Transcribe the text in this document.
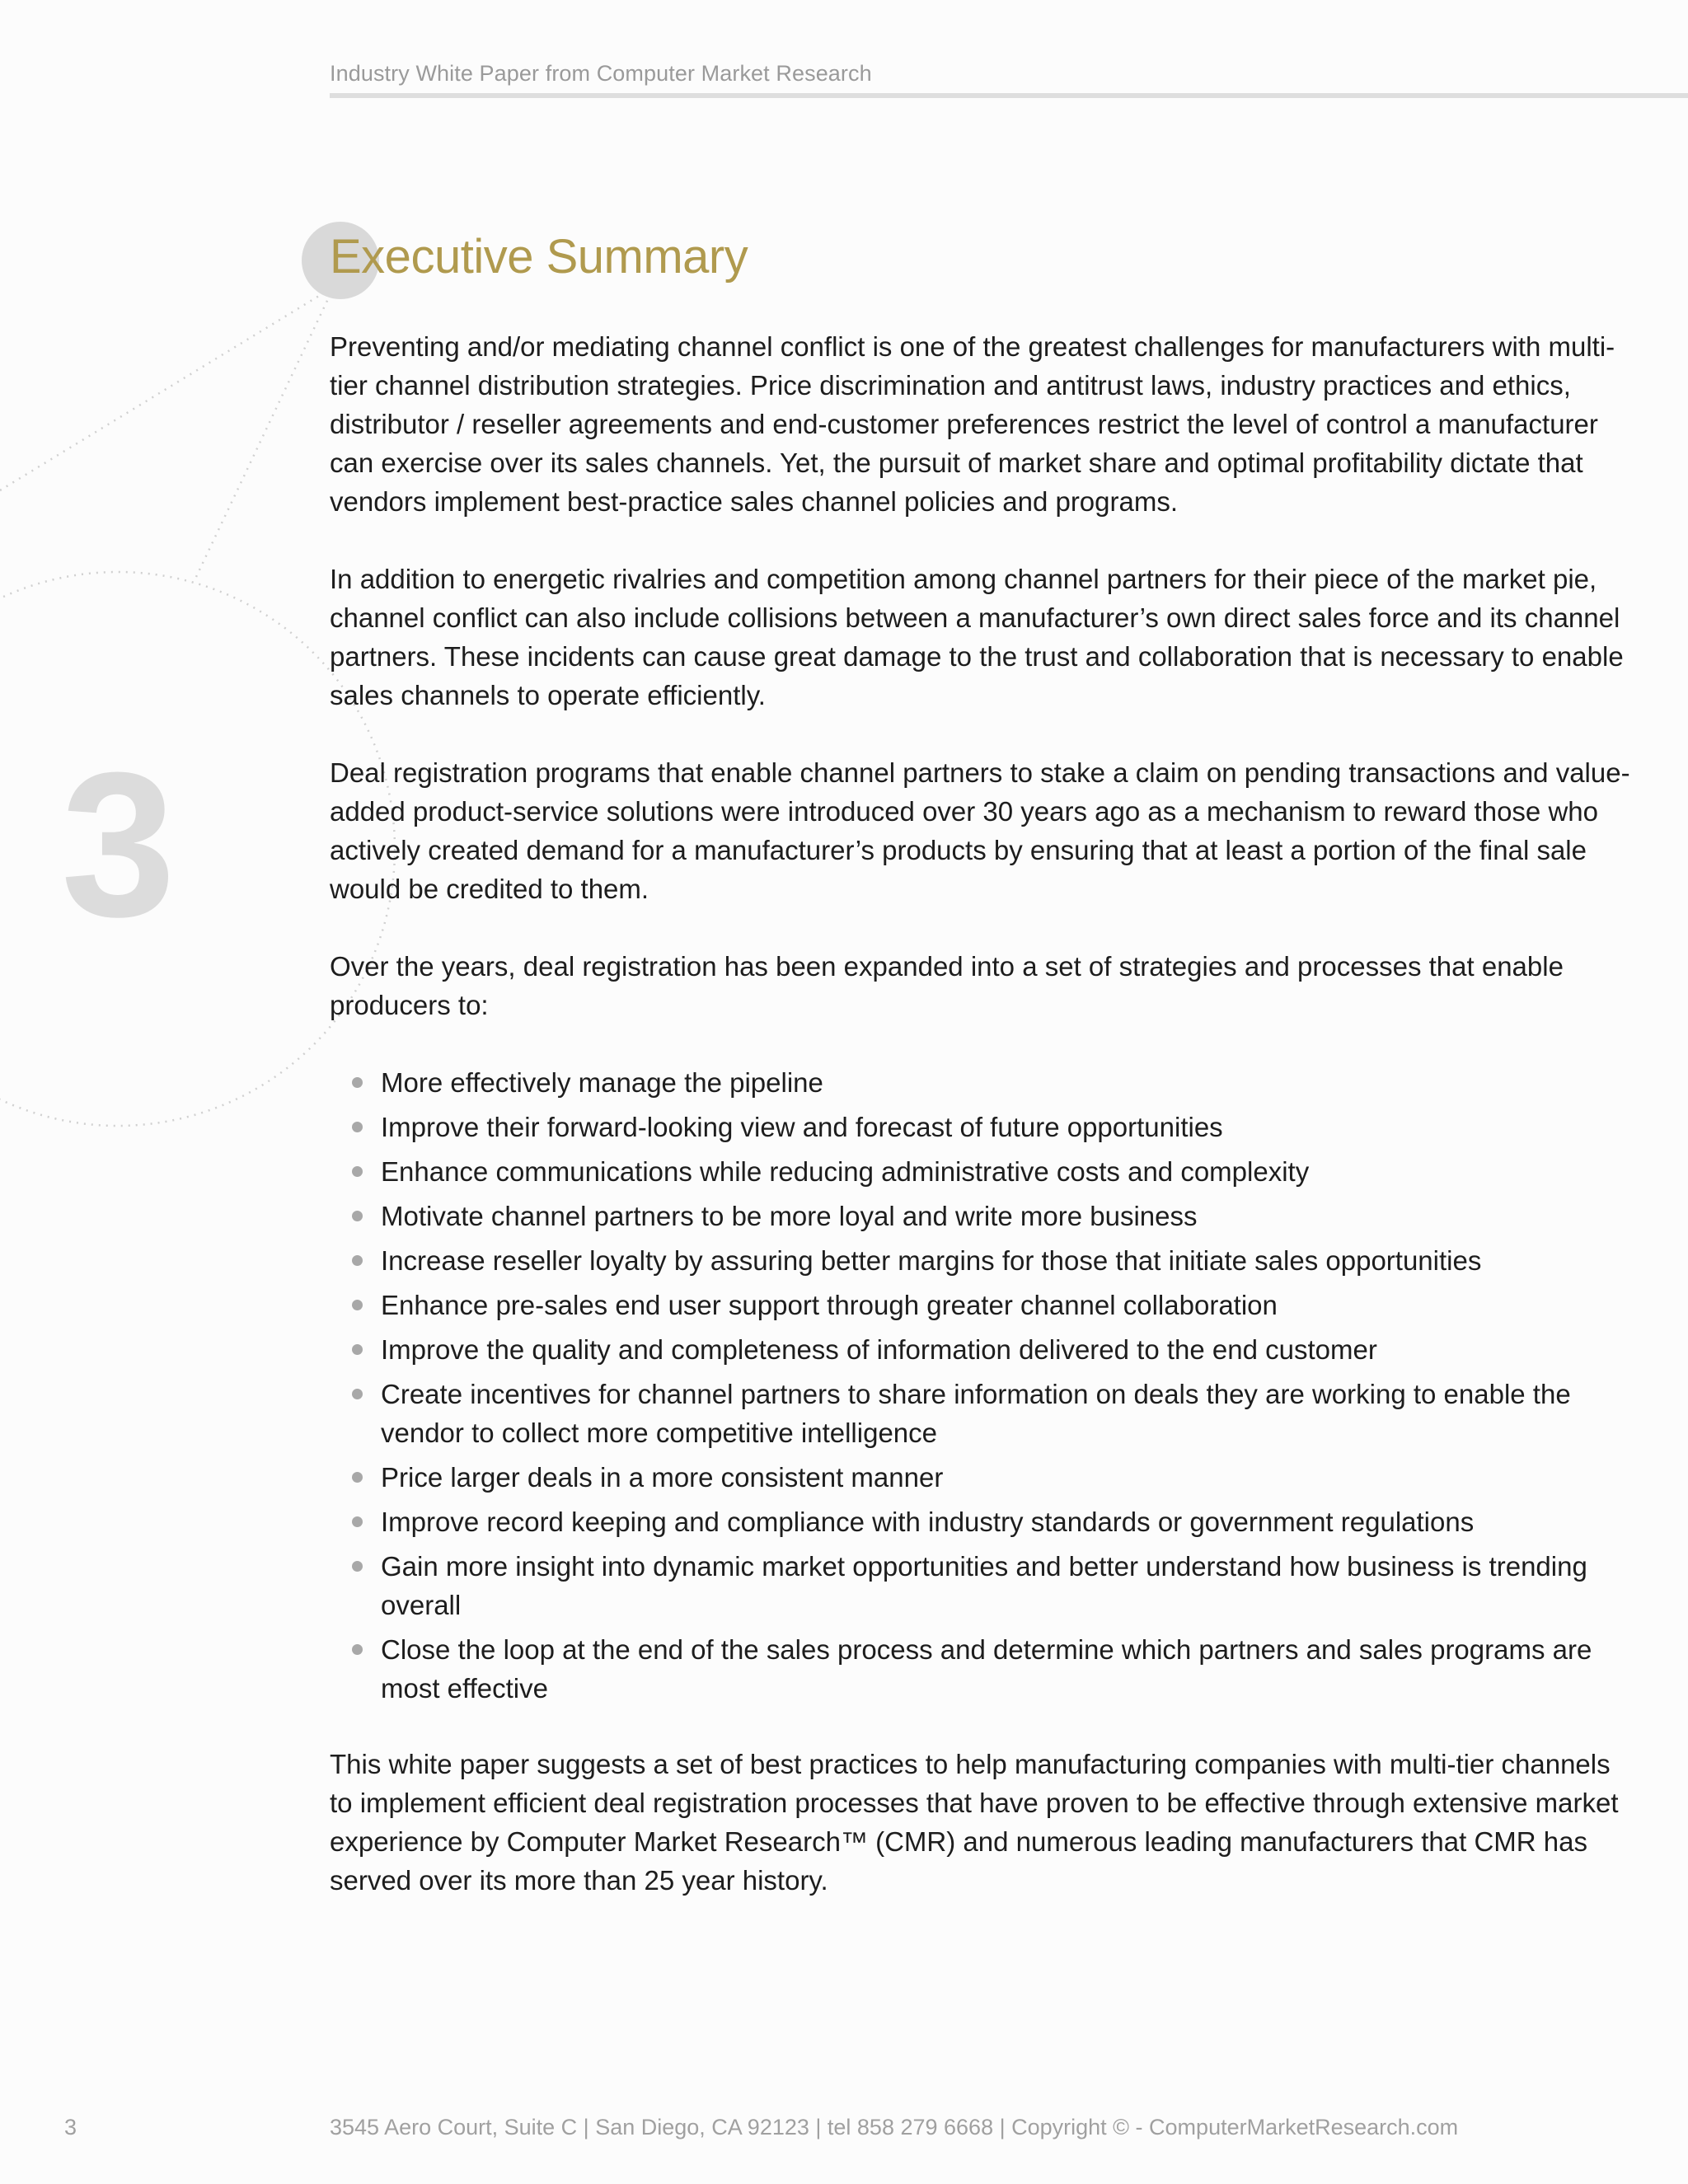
Industry White Paper from Computer Market Research
3
Executive Summary

Preventing and/or mediating channel conflict is one of the greatest challenges for manufacturers with multi-tier channel distribution strategies. Price discrimination and antitrust laws, industry practices and ethics, distributor / reseller agreements and end-customer preferences restrict the level of control a manufacturer can exercise over its sales channels. Yet, the pursuit of market share and optimal profitability dictate that vendors implement best-practice sales channel policies and programs.

In addition to energetic rivalries and competition among channel partners for their piece of the market pie, channel conflict can also include collisions between a manufacturer’s own direct sales force and its channel partners. These incidents can cause great damage to the trust and collaboration that is necessary to enable sales channels to operate efficiently.

Deal registration programs that enable channel partners to stake a claim on pending transactions and value-added product-service solutions were introduced over 30 years ago as a mechanism to reward those who actively created demand for a manufacturer’s products by ensuring that at least a portion of the final sale would be credited to them.

Over the years, deal registration has been expanded into a set of strategies and processes that enable producers to:

More effectively manage the pipeline
Improve their forward-looking view and forecast of future opportunities
Enhance communications while reducing administrative costs and complexity
Motivate channel partners to be more loyal and write more business
Increase reseller loyalty by assuring better margins for those that initiate sales opportunities
Enhance pre-sales end user support through greater channel collaboration
Improve the quality and completeness of information delivered to the end customer
Create incentives for channel partners to share information on deals they are working to enable the vendor to collect more competitive intelligence
Price larger deals in a more consistent manner
Improve record keeping and compliance with industry standards or government regulations
Gain more insight into dynamic market opportunities and better understand how business is trending overall
Close the loop at the end of the sales process and determine which partners and sales programs are most effective

This white paper suggests a set of best practices to help manufacturing companies with multi-tier channels to implement efficient deal registration processes that have proven to be effective through extensive market experience by Computer Market Research™ (CMR) and numerous leading manufacturers that CMR has served over its more than 25 year history.

3	3545 Aero Court, Suite C | San Diego, CA 92123 | tel 858 279 6668 | Copyright © - ComputerMarketResearch.com
